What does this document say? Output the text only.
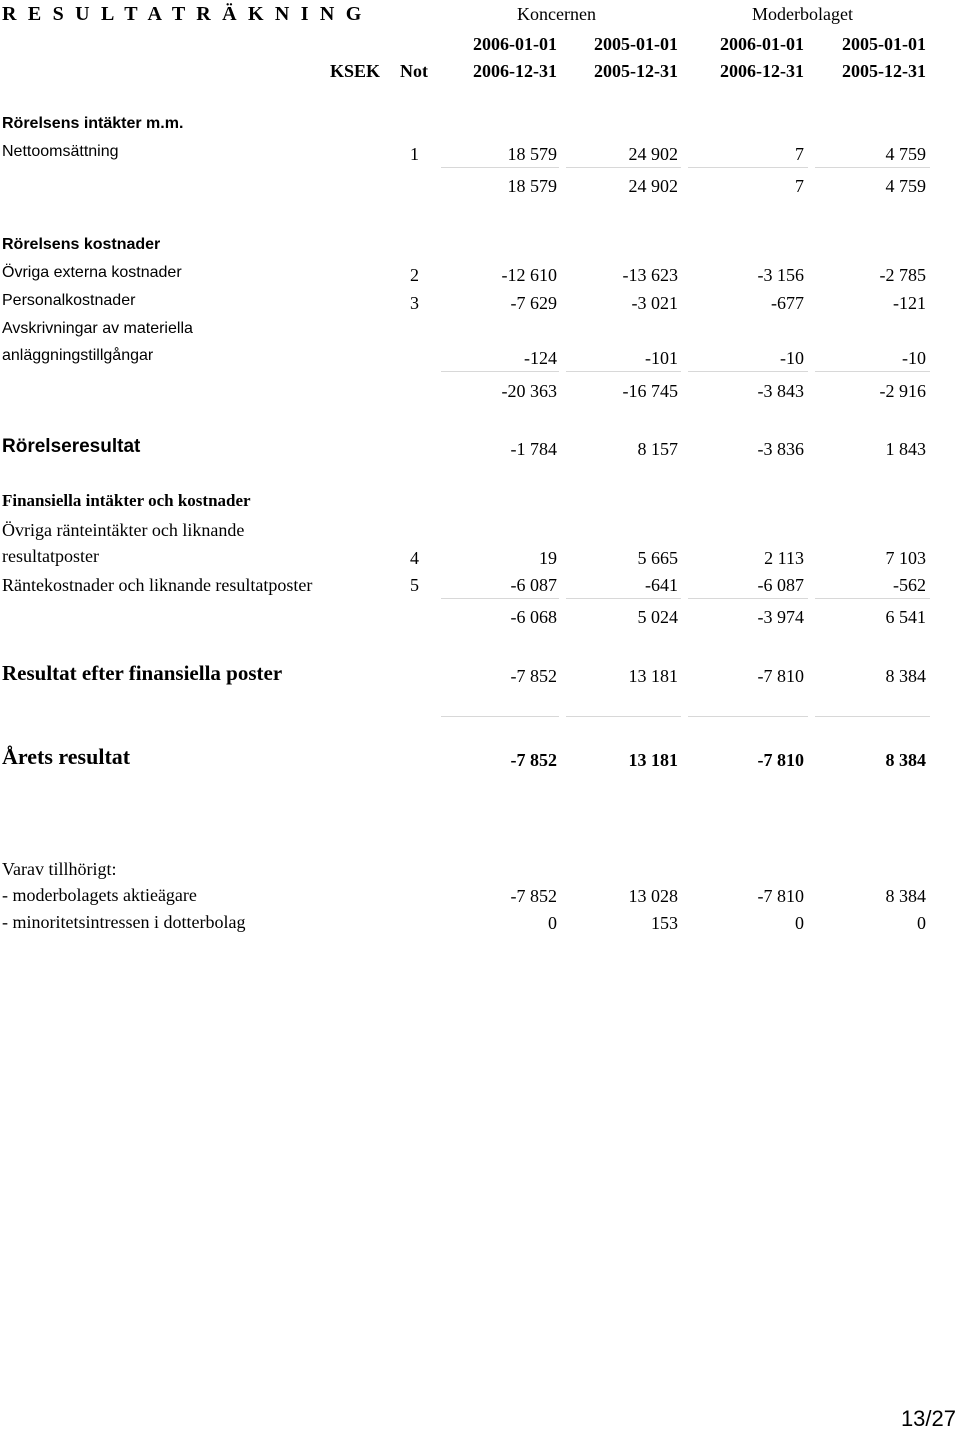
R E S U L T A T R Ä K N I N G	Koncernen	Moderbolaget
2006-01-01 2005-01-01 2006-01-01 2005-01-01
KSEK Not	2006-12-31 2005-12-31 2006-12-31 2005-12-31
Rörelsens intäkter m.m.
Nettoomsättning	1	18 579	24 902	7	4 759
18 579	24 902	7	4 759
Rörelsens kostnader
Övriga externa kostnader	2	-12 610	-13 623	-3 156	-2 785
Personalkostnader	3	-7 629	-3 021	-677	-121
Avskrivningar av materiella
anläggningstillgångar	-124	-101	-10	-10
-20 363	-16 745	-3 843	-2 916
Rörelseresultat	-1 784	8 157	-3 836	1 843
Finansiella intäkter och kostnader
Övriga ränteintäkter och liknande
resultatposter	4	19	5 665	2 113	7 103
Räntekostnader och liknande resultatposter	5	-6 087	-641	-6 087	-562
-6 068	5 024	-3 974	6 541
Resultat efter finansiella poster	-7 852	13 181	-7 810	8 384
Årets resultat	-7 852	13 181	-7 810	8 384
Varav tillhörigt:
- moderbolagets aktieägare	-7 852	13 028	-7 810	8 384
- minoritetsintressen i dotterbolag	0	153	0	0
13/27
